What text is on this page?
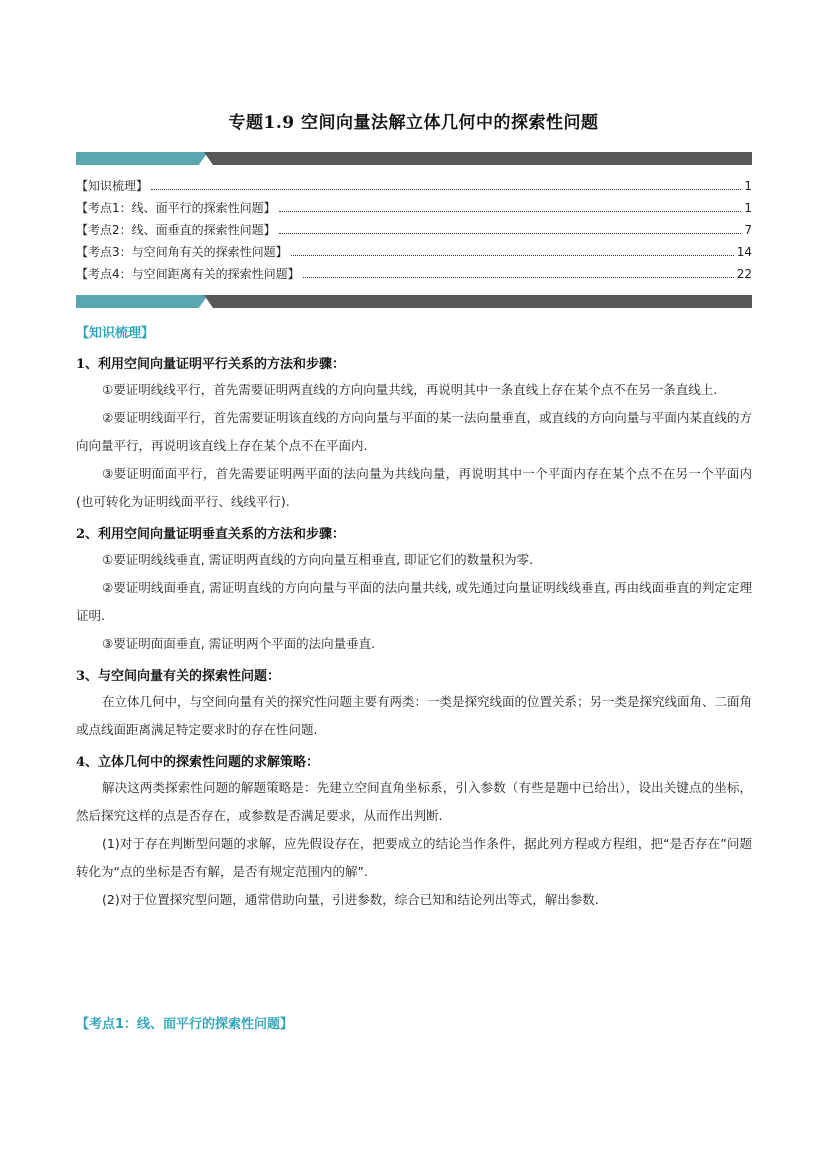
专题1.9 空间向量法解立体几何中的探索性问题
【知识梳理】	1
【考点1：线、面平行的探索性问题】	1
【考点2：线、面垂直的探索性问题】	7
【考点3：与空间角有关的探索性问题】	14
【考点4：与空间距离有关的探索性问题】	22
【知识梳理】
1、利用空间向量证明平行关系的方法和步骤：

①要证明线线平行，首先需要证明两直线的方向向量共线，再说明其中一条直线上存在某个点不在另一条直线上.

②要证明线面平行，首先需要证明该直线的方向向量与平面的某一法向量垂直，或直线的方向向量与平面内某直线的方向向量平行，再说明该直线上存在某个点不在平面内.

③要证明面面平行，首先需要证明两平面的法向量为共线向量，再说明其中一个平面内存在某个点不在另一个平面内(也可转化为证明线面平行、线线平行).

2、利用空间向量证明垂直关系的方法和步骤：

①要证明线线垂直, 需证明两直线的方向向量互相垂直, 即证它们的数量积为零.

②要证明线面垂直, 需证明直线的方向向量与平面的法向量共线, 或先通过向量证明线线垂直, 再由线面垂直的判定定理证明.

③要证明面面垂直, 需证明两个平面的法向量垂直.

3、与空间向量有关的探索性问题：

在立体几何中，与空间向量有关的探究性问题主要有两类：一类是探究线面的位置关系；另一类是探究线面角、二面角或点线面距离满足特定要求时的存在性问题.

4、立体几何中的探索性问题的求解策略：

解决这两类探索性问题的解题策略是：先建立空间直角坐标系，引入参数（有些是题中已给出），设出关键点的坐标，然后探究这样的点是否存在，或参数是否满足要求，从而作出判断.

(1)对于存在判断型问题的求解，应先假设存在，把要成立的结论当作条件，据此列方程或方程组，把“是否存在”问题转化为“点的坐标是否有解，是否有规定范围内的解”.

(2)对于位置探究型问题，通常借助向量，引进参数，综合已知和结论列出等式，解出参数.

【考点1：线、面平行的探索性问题】
